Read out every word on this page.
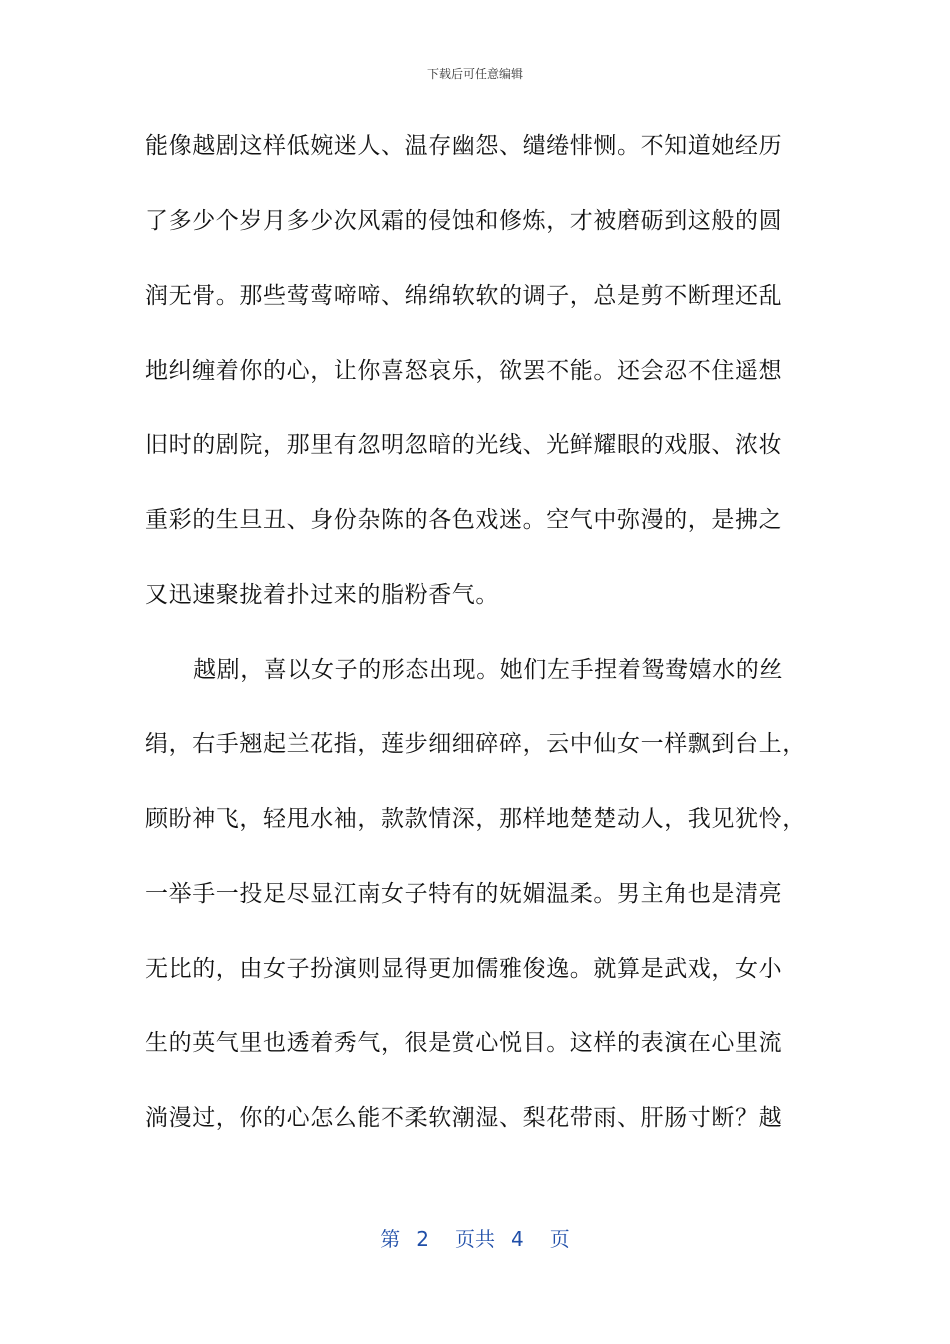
下载后可任意编辑
能像越剧这样低婉迷人、温存幽怨、缱绻悱恻。不知道她经历
了多少个岁月多少次风霜的侵蚀和修炼，才被磨砺到这般的圆
润无骨。那些莺莺啼啼、绵绵软软的调子，总是剪不断理还乱
地纠缠着你的心，让你喜怒哀乐，欲罢不能。还会忍不住遥想
旧时的剧院，那里有忽明忽暗的光线、光鲜耀眼的戏服、浓妆
重彩的生旦丑、身份杂陈的各色戏迷。空气中弥漫的，是拂之
又迅速聚拢着扑过来的脂粉香气。
越剧，喜以女子的形态出现。她们左手捏着鸳鸯嬉水的丝
绢，右手翘起兰花指，莲步细细碎碎，云中仙女一样飘到台上，
顾盼神飞，轻甩水袖，款款情深，那样地楚楚动人，我见犹怜，
一举手一投足尽显江南女子特有的妩媚温柔。男主角也是清亮
无比的，由女子扮演则显得更加儒雅俊逸。就算是武戏，女小
生的英气里也透着秀气，很是赏心悦目。这样的表演在心里流
淌漫过，你的心怎么能不柔软潮湿、梨花带雨、肝肠寸断？越
第 2 页共 4 页
